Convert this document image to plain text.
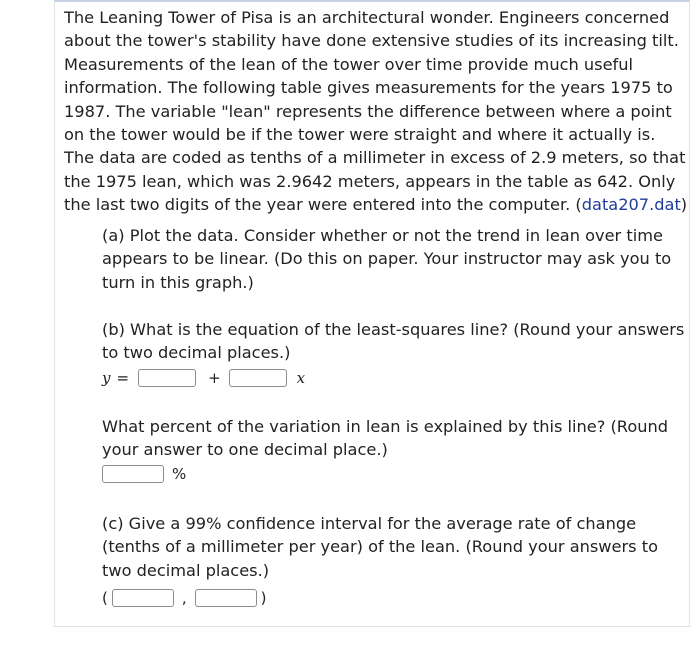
The Leaning Tower of Pisa is an architectural wonder. Engineers concerned about the tower's stability have done extensive studies of its increasing tilt. Measurements of the lean of the tower over time provide much useful information. The following table gives measurements for the years 1975 to 1987. The variable "lean" represents the difference between where a point on the tower would be if the tower were straight and where it actually is. The data are coded as tenths of a millimeter in excess of 2.9 meters, so that the 1975 lean, which was 2.9642 meters, appears in the table as 642. Only the last two digits of the year were entered into the computer. (data207.dat)

(a) Plot the data. Consider whether or not the trend in lean over time appears to be linear. (Do this on paper. Your instructor may ask you to turn in this graph.)

(b) What is the equation of the least-squares line? (Round your answers to two decimal places.)

y =	+	x

What percent of the variation in lean is explained by this line? (Round your answer to one decimal place.)

%

(c) Give a 99% confidence interval for the average rate of change (tenths of a millimeter per year) of the lean. (Round your answers to two decimal places.)

(	,	)
